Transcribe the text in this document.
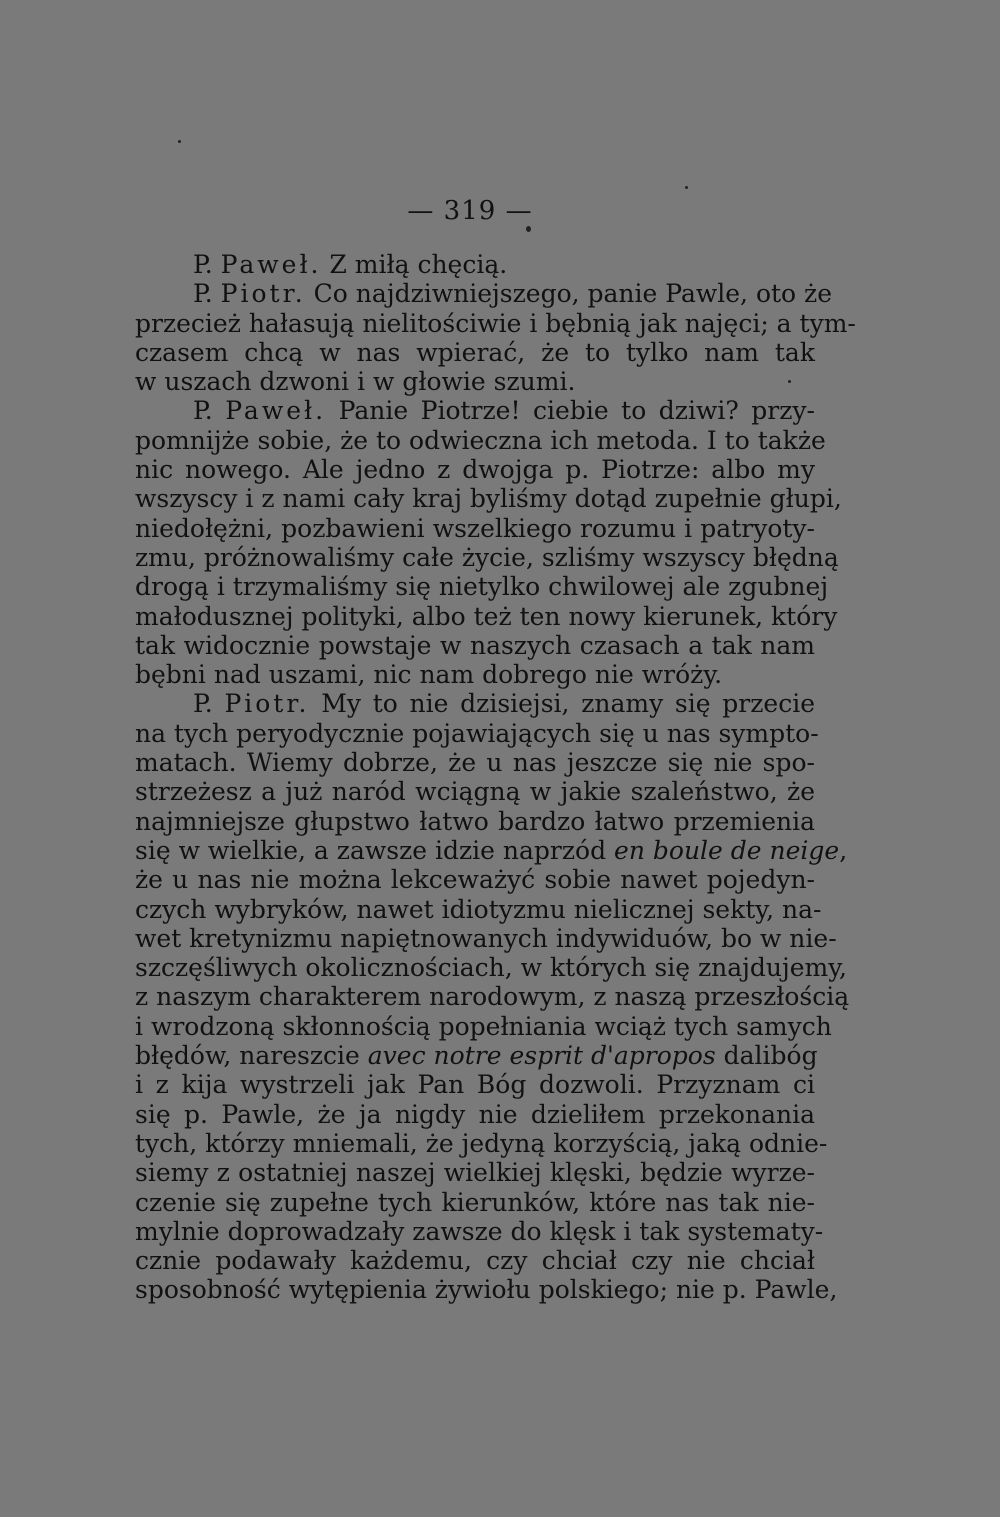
— 319 —
P. Paweł. Z miłą chęcią.
P. Piotr. Co najdziwniejszego, panie Pawle, oto że
przecież hałasują nielitościwie i bębnią jak najęci; a tym-
czasem chcą w nas wpierać, że to tylko nam tak
w uszach dzwoni i w głowie szumi.
P. Paweł. Panie Piotrze! ciebie to dziwi? przy-
pomnijże sobie, że to odwieczna ich metoda. I to także
nic nowego. Ale jedno z dwojga p. Piotrze: albo my
wszyscy i z nami cały kraj byliśmy dotąd zupełnie głupi,
niedołężni, pozbawieni wszelkiego rozumu i patryoty-
zmu, próżnowaliśmy całe życie, szliśmy wszyscy błędną
drogą i trzymaliśmy się nietylko chwilowej ale zgubnej
małodusznej polityki, albo też ten nowy kierunek, który
tak widocznie powstaje w naszych czasach a tak nam
bębni nad uszami, nic nam dobrego nie wróży.
P. Piotr. My to nie dzisiejsi, znamy się przecie
na tych peryodycznie pojawiających się u nas sympto-
matach. Wiemy dobrze, że u nas jeszcze się nie spo-
strzeżesz a już naród wciągną w jakie szaleństwo, że
najmniejsze głupstwo łatwo bardzo łatwo przemienia
się w wielkie, a zawsze idzie naprzód en boule de neige,
że u nas nie można lekceważyć sobie nawet pojedyn-
czych wybryków, nawet idiotyzmu nielicznej sekty, na-
wet kretynizmu napiętnowanych indywiduów, bo w nie-
szczęśliwych okolicznościach, w których się znajdujemy,
z naszym charakterem narodowym, z naszą przeszłością
i wrodzoną skłonnością popełniania wciąż tych samych
błędów, nareszcie avec notre esprit d'apropos dalibóg
i z kija wystrzeli jak Pan Bóg dozwoli. Przyznam ci
się p. Pawle, że ja nigdy nie dzieliłem przekonania
tych, którzy mniemali, że jedyną korzyścią, jaką odnie-
siemy z ostatniej naszej wielkiej klęski, będzie wyrze-
czenie się zupełne tych kierunków, które nas tak nie-
mylnie doprowadzały zawsze do klęsk i tak systematy-
cznie podawały każdemu, czy chciał czy nie chciał
sposobność wytępienia żywiołu polskiego; nie p. Pawle,
